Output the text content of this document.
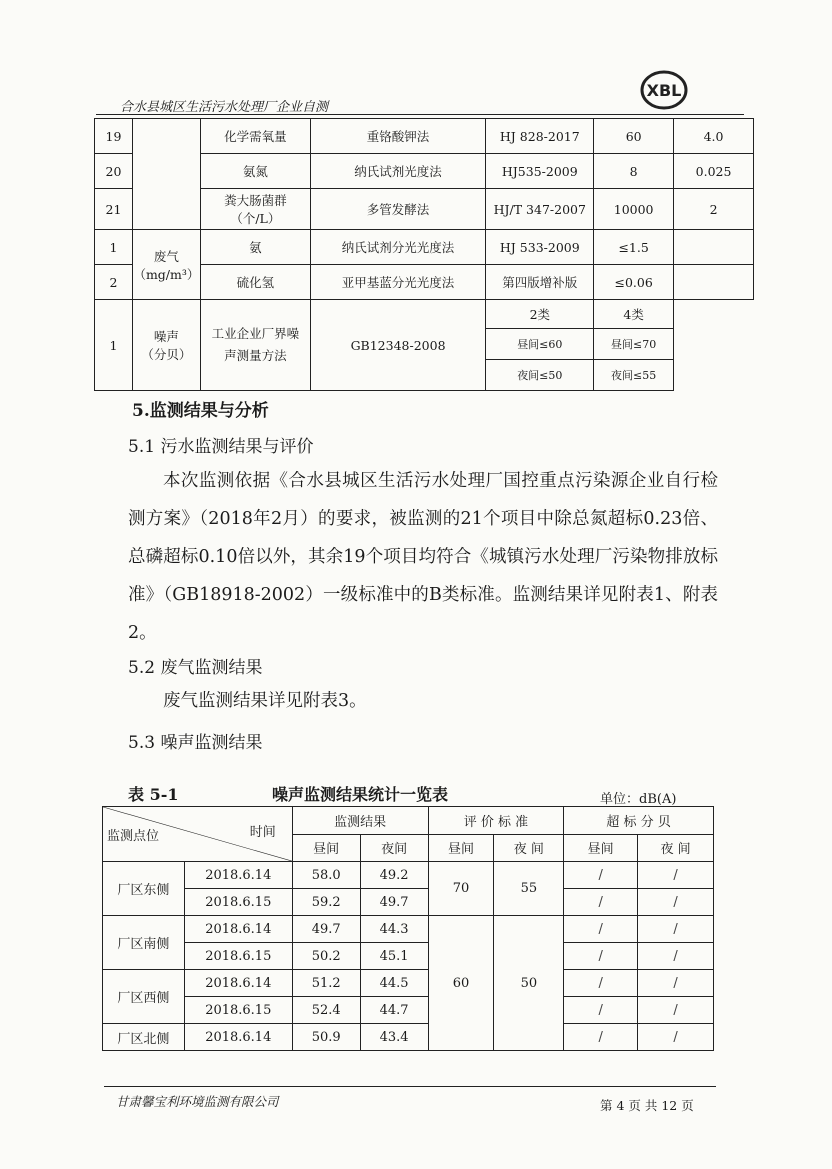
合水县城区生活污水处理厂企业自测
XBL
19		化学需氧量	重铬酸钾法	HJ 828-2017	60	4.0
20		氨氮	纳氏试剂光度法	HJ535-2009	8	0.025
21		粪大肠菌群
（个/L）	多管发酵法	HJ/T 347-2007	10000	2
1	废气
（mg/m³）	氨	纳氏试剂分光光度法	HJ 533-2009	≤1.5	
2		硫化氢	亚甲基蓝分光光度法	第四版增补版	≤0.06	
1	噪声
（分贝）	工业企业厂界噪
声测量方法	GB12348-2008	2类	4类	
				昼间≤60	昼间≤70	
				夜间≤50	夜间≤55	
5.监测结果与分析
5.1 污水监测结果与评价
本次监测依据《合水县城区生活污水处理厂国控重点污染源企业自行检测方案》（2018年2月）的要求，被监测的21个项目中除总氮超标0.23倍、总磷超标0.10倍以外，其余19个项目均符合《城镇污水处理厂污染物排放标准》（GB18918-2002）一级标准中的B类标准。监测结果详见附表1、附表2。
5.2 废气监测结果
废气监测结果详见附表3。
5.3 噪声监测结果
表 5-1	噪声监测结果统计一览表	单位：dB(A)
监测点位 时间		监测结果		评 价 标 准		超 标 分 贝	
		昼间	夜间	昼间	夜 间	昼间	夜 间
厂区东侧	2018.6.14	58.0	49.2	70	55	/	/
	2018.6.15	59.2	49.7			/	/
厂区南侧	2018.6.14	49.7	44.3	60	50	/	/
	2018.6.15	50.2	45.1			/	/
厂区西侧	2018.6.14	51.2	44.5			/	/
	2018.6.15	52.4	44.7			/	/
厂区北侧	2018.6.14	50.9	43.4			/	/
甘肃馨宝利环境监测有限公司	第 4 页 共 12 页
